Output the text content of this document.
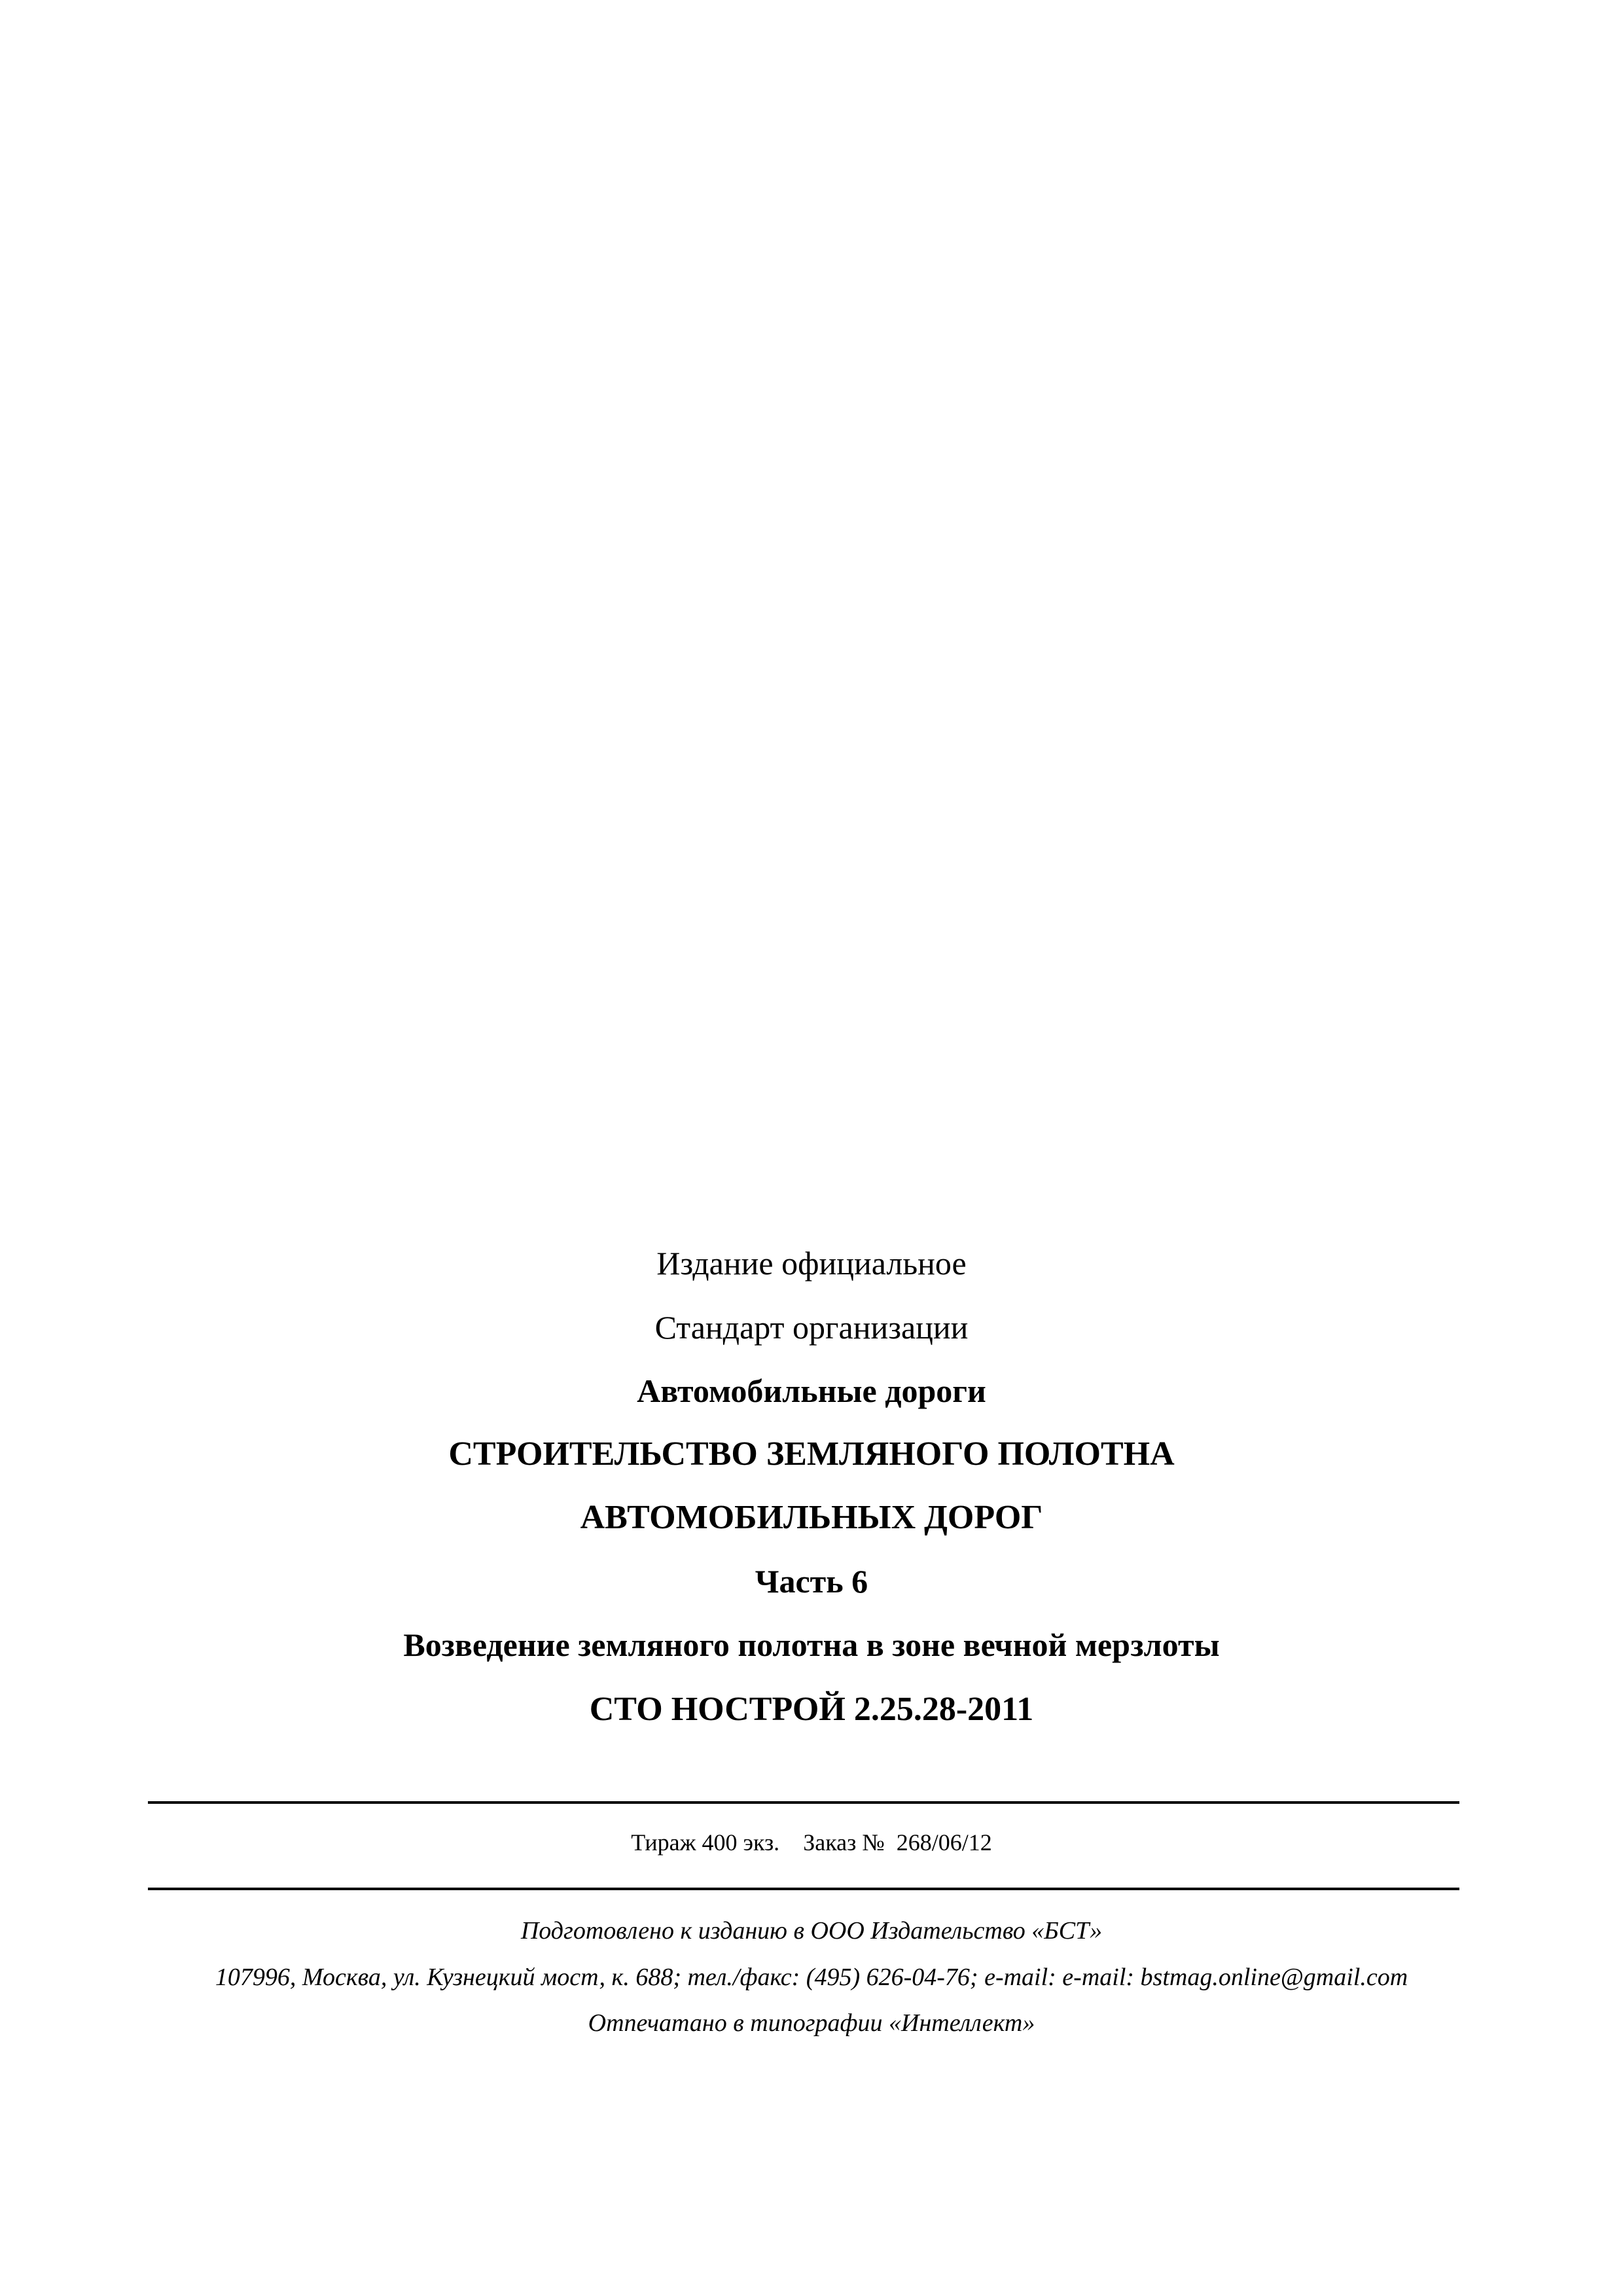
Издание официальное
Стандарт организации
Автомобильные дороги
СТРОИТЕЛЬСТВО ЗЕМЛЯНОГО ПОЛОТНА
АВТОМОБИЛЬНЫХ ДОРОГ
Часть 6
Возведение земляного полотна в зоне вечной мерзлоты
СТО НОСТРОЙ 2.25.28-2011
Тираж 400 экз. Заказ №  268/06/12
Подготовлено к изданию в ООО Издательство «БСТ»
107996, Москва, ул. Кузнецкий мост, к. 688; тел./факс: (495) 626-04-76; e-mail: e-mail: bstmag.online@gmail.com
Отпечатано в типографии «Интеллект»
